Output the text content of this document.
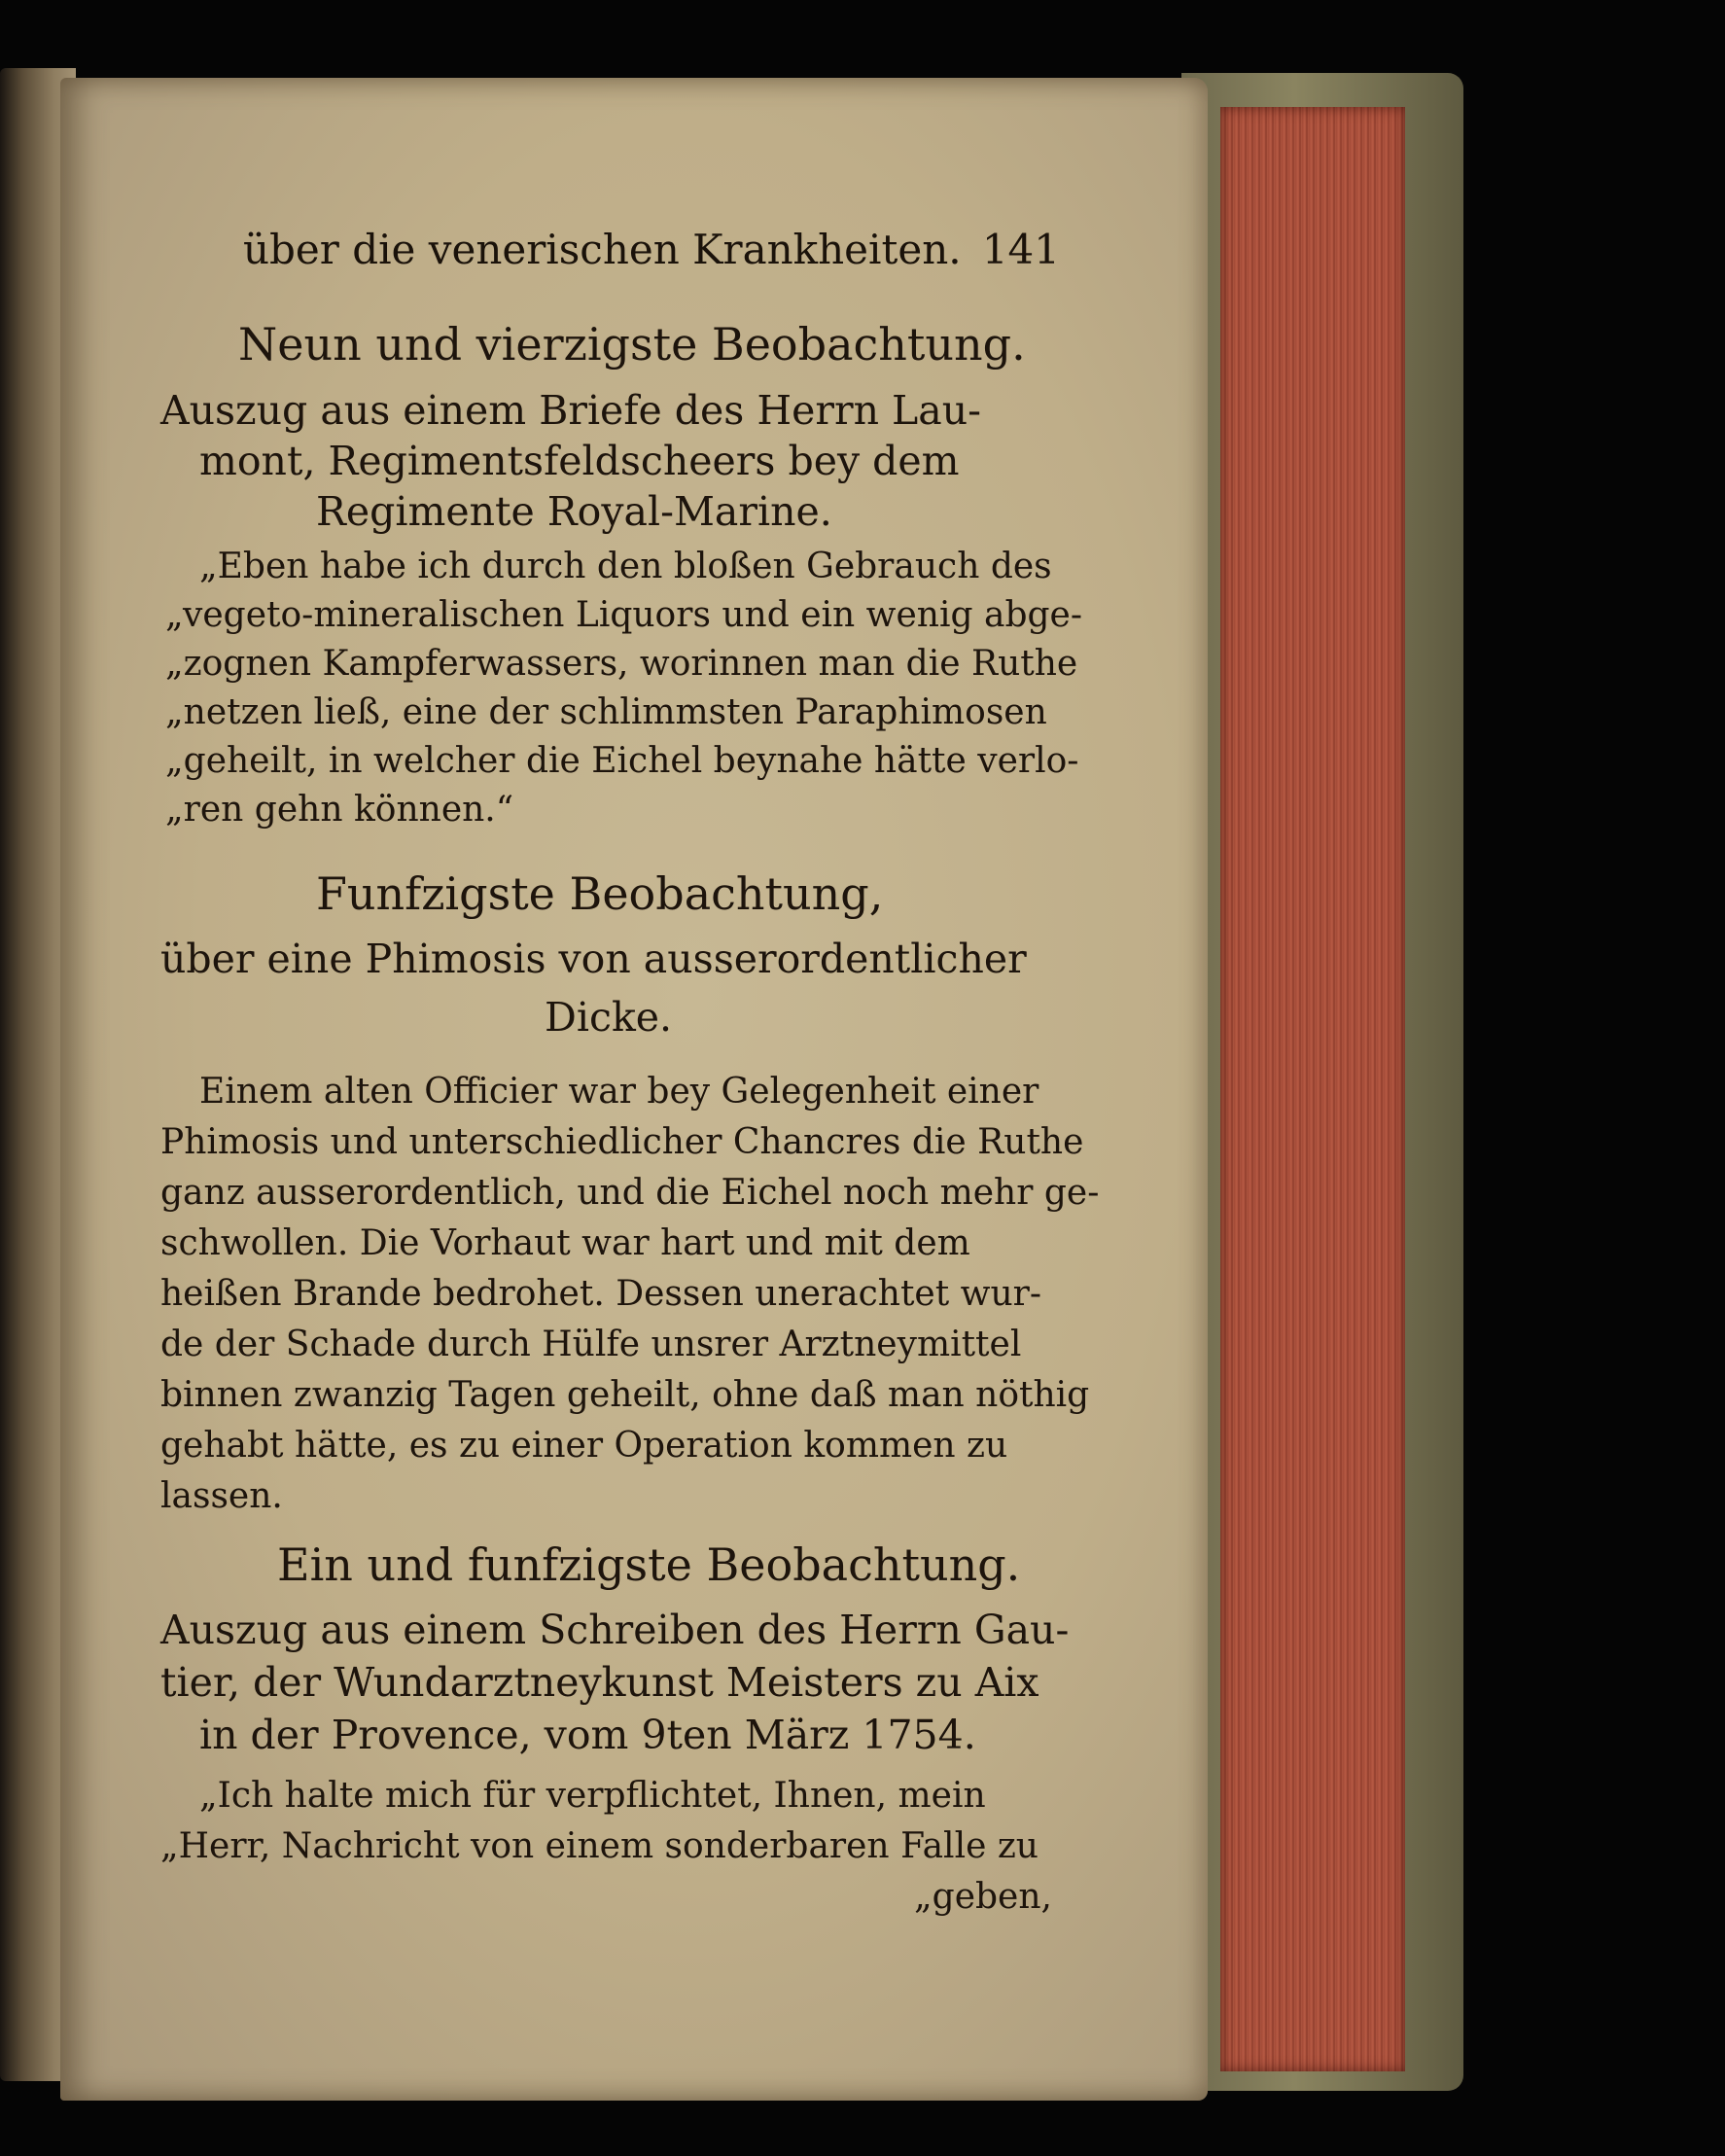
über die venerischen Krankheiten. 141
Neun und vierzigste Beobachtung.
Auszug aus einem Briefe des Herrn Lau-
mont, Regimentsfeldscheers bey dem
Regimente Royal-Marine.
„Eben habe ich durch den bloßen Gebrauch des
„vegeto-mineralischen Liquors und ein wenig abge-
„zognen Kampferwassers, worinnen man die Ruthe
„netzen ließ, eine der schlimmsten Paraphimosen
„geheilt, in welcher die Eichel beynahe hätte verlo-
„ren gehn können.“
Funfzigste Beobachtung,
über eine Phimosis von ausserordentlicher
Dicke.
Einem alten Officier war bey Gelegenheit einer
Phimosis und unterschiedlicher Chancres die Ruthe
ganz ausserordentlich, und die Eichel noch mehr ge-
schwollen. Die Vorhaut war hart und mit dem
heißen Brande bedrohet. Dessen unerachtet wur-
de der Schade durch Hülfe unsrer Arztneymittel
binnen zwanzig Tagen geheilt, ohne daß man nöthig
gehabt hätte, es zu einer Operation kommen zu
lassen.
Ein und funfzigste Beobachtung.
Auszug aus einem Schreiben des Herrn Gau-
tier, der Wundarztneykunst Meisters zu Aix
in der Provence, vom 9ten März 1754.
„Ich halte mich für verpflichtet, Ihnen, mein
„Herr, Nachricht von einem sonderbaren Falle zu
„geben,
